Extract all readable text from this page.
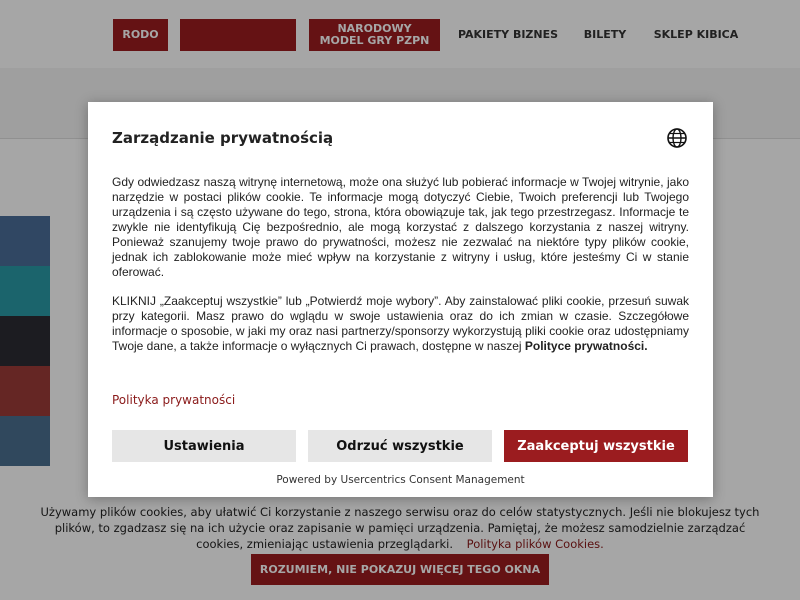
RODO	NARODOWY MODEL GRY PZPN	PAKIETY BIZNES	BILETY	SKLEP KIBICA
Używamy plików cookies, aby ułatwić Ci korzystanie z naszego serwisu oraz do celów statystycznych. Jeśli nie blokujesz tych plików, to zgadzasz się na ich użycie oraz zapisanie w pamięci urządzenia. Pamiętaj, że możesz samodzielnie zarządzać cookies, zmieniając ustawienia przeglądarki. Polityka plików Cookies.
ROZUMIEM, NIE POKAZUJ WIĘCEJ TEGO OKNA
Zarządzanie prywatnością

Gdy odwiedzasz naszą witrynę internetową, może ona służyć lub pobierać informacje w Twojej witrynie, jako narzędzie w postaci plików cookie. Te informacje mogą dotyczyć Ciebie, Twoich preferencji lub Twojego urządzenia i są często używane do tego, strona, która obowiązuje tak, jak tego przestrzegasz. Informacje te zwykle nie identyfikują Cię bezpośrednio, ale mogą korzystać z dalszego korzystania z naszej witryny. Ponieważ szanujemy twoje prawo do prywatności, możesz nie zezwalać na niektóre typy plików cookie, jednak ich zablokowanie może mieć wpływ na korzystanie z witryny i usług, które jesteśmy Ci w stanie oferować.

KLIKNIJ „Zaakceptuj wszystkie” lub „Potwierdź moje wybory”. Aby zainstalować pliki cookie, przesuń suwak przy kategorii. Masz prawo do wglądu w swoje ustawienia oraz do ich zmian w czasie. Szczegółowe informacje o sposobie, w jaki my oraz nasi partnerzy/sponsorzy wykorzystują pliki cookie oraz udostępniamy Twoje dane, a także informacje o wyłącznych Ci prawach, dostępne w naszej Polityce prywatności.

Polityka prywatności
Ustawienia	Odrzuć wszystkie	Zaakceptuj wszystkie
Powered by Usercentrics Consent Management
